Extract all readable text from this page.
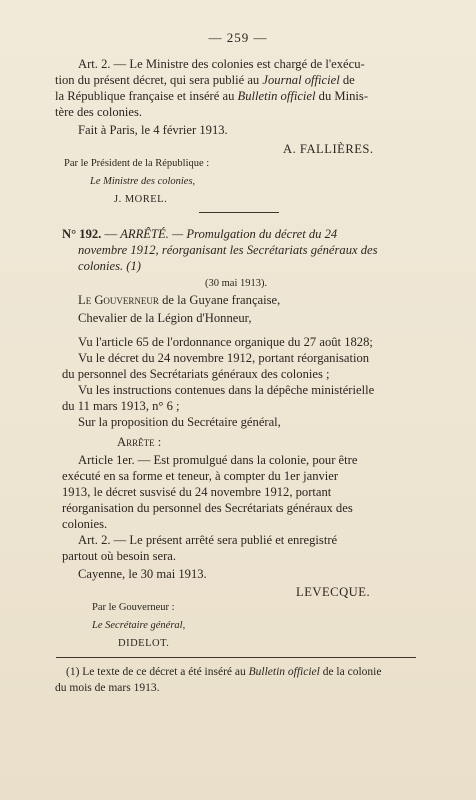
— 259 —
Art. 2. — Le Ministre des colonies est chargé de l'exécu-
tion du présent décret, qui sera publié au Journal officiel de
la République française et inséré au Bulletin officiel du Minis-
tère des colonies.
Fait à Paris, le 4 février 1913.
A. FALLIÈRES.
Par le Président de la République :
Le Ministre des colonies,
J. MOREL.
N° 192. — ARRÊTÉ. — Promulgation du décret du 24
novembre 1912, réorganisant les Secrétariats généraux des
colonies. (1)
(30 mai 1913).
Le Gouverneur de la Guyane française,
Chevalier de la Légion d'Honneur,
Vu l'article 65 de l'ordonnance organique du 27 août 1828;
Vu le décret du 24 novembre 1912, portant réorganisation
du personnel des Secrétariats généraux des colonies ;
Vu les instructions contenues dans la dépêche ministérielle
du 11 mars 1913, n° 6 ;
Sur la proposition du Secrétaire général,
Arrête :
Article 1er. — Est promulgué dans la colonie, pour être
exécuté en sa forme et teneur, à compter du 1er janvier
1913, le décret susvisé du 24 novembre 1912, portant
réorganisation du personnel des Secrétariats généraux des
colonies.
Art. 2. — Le présent arrêté sera publié et enregistré
partout où besoin sera.
Cayenne, le 30 mai 1913.
LEVECQUE.
Par le Gouverneur :
Le Secrétaire général,
DIDELOT.
(1) Le texte de ce décret a été inséré au Bulletin officiel de la colonie
du mois de mars 1913.
